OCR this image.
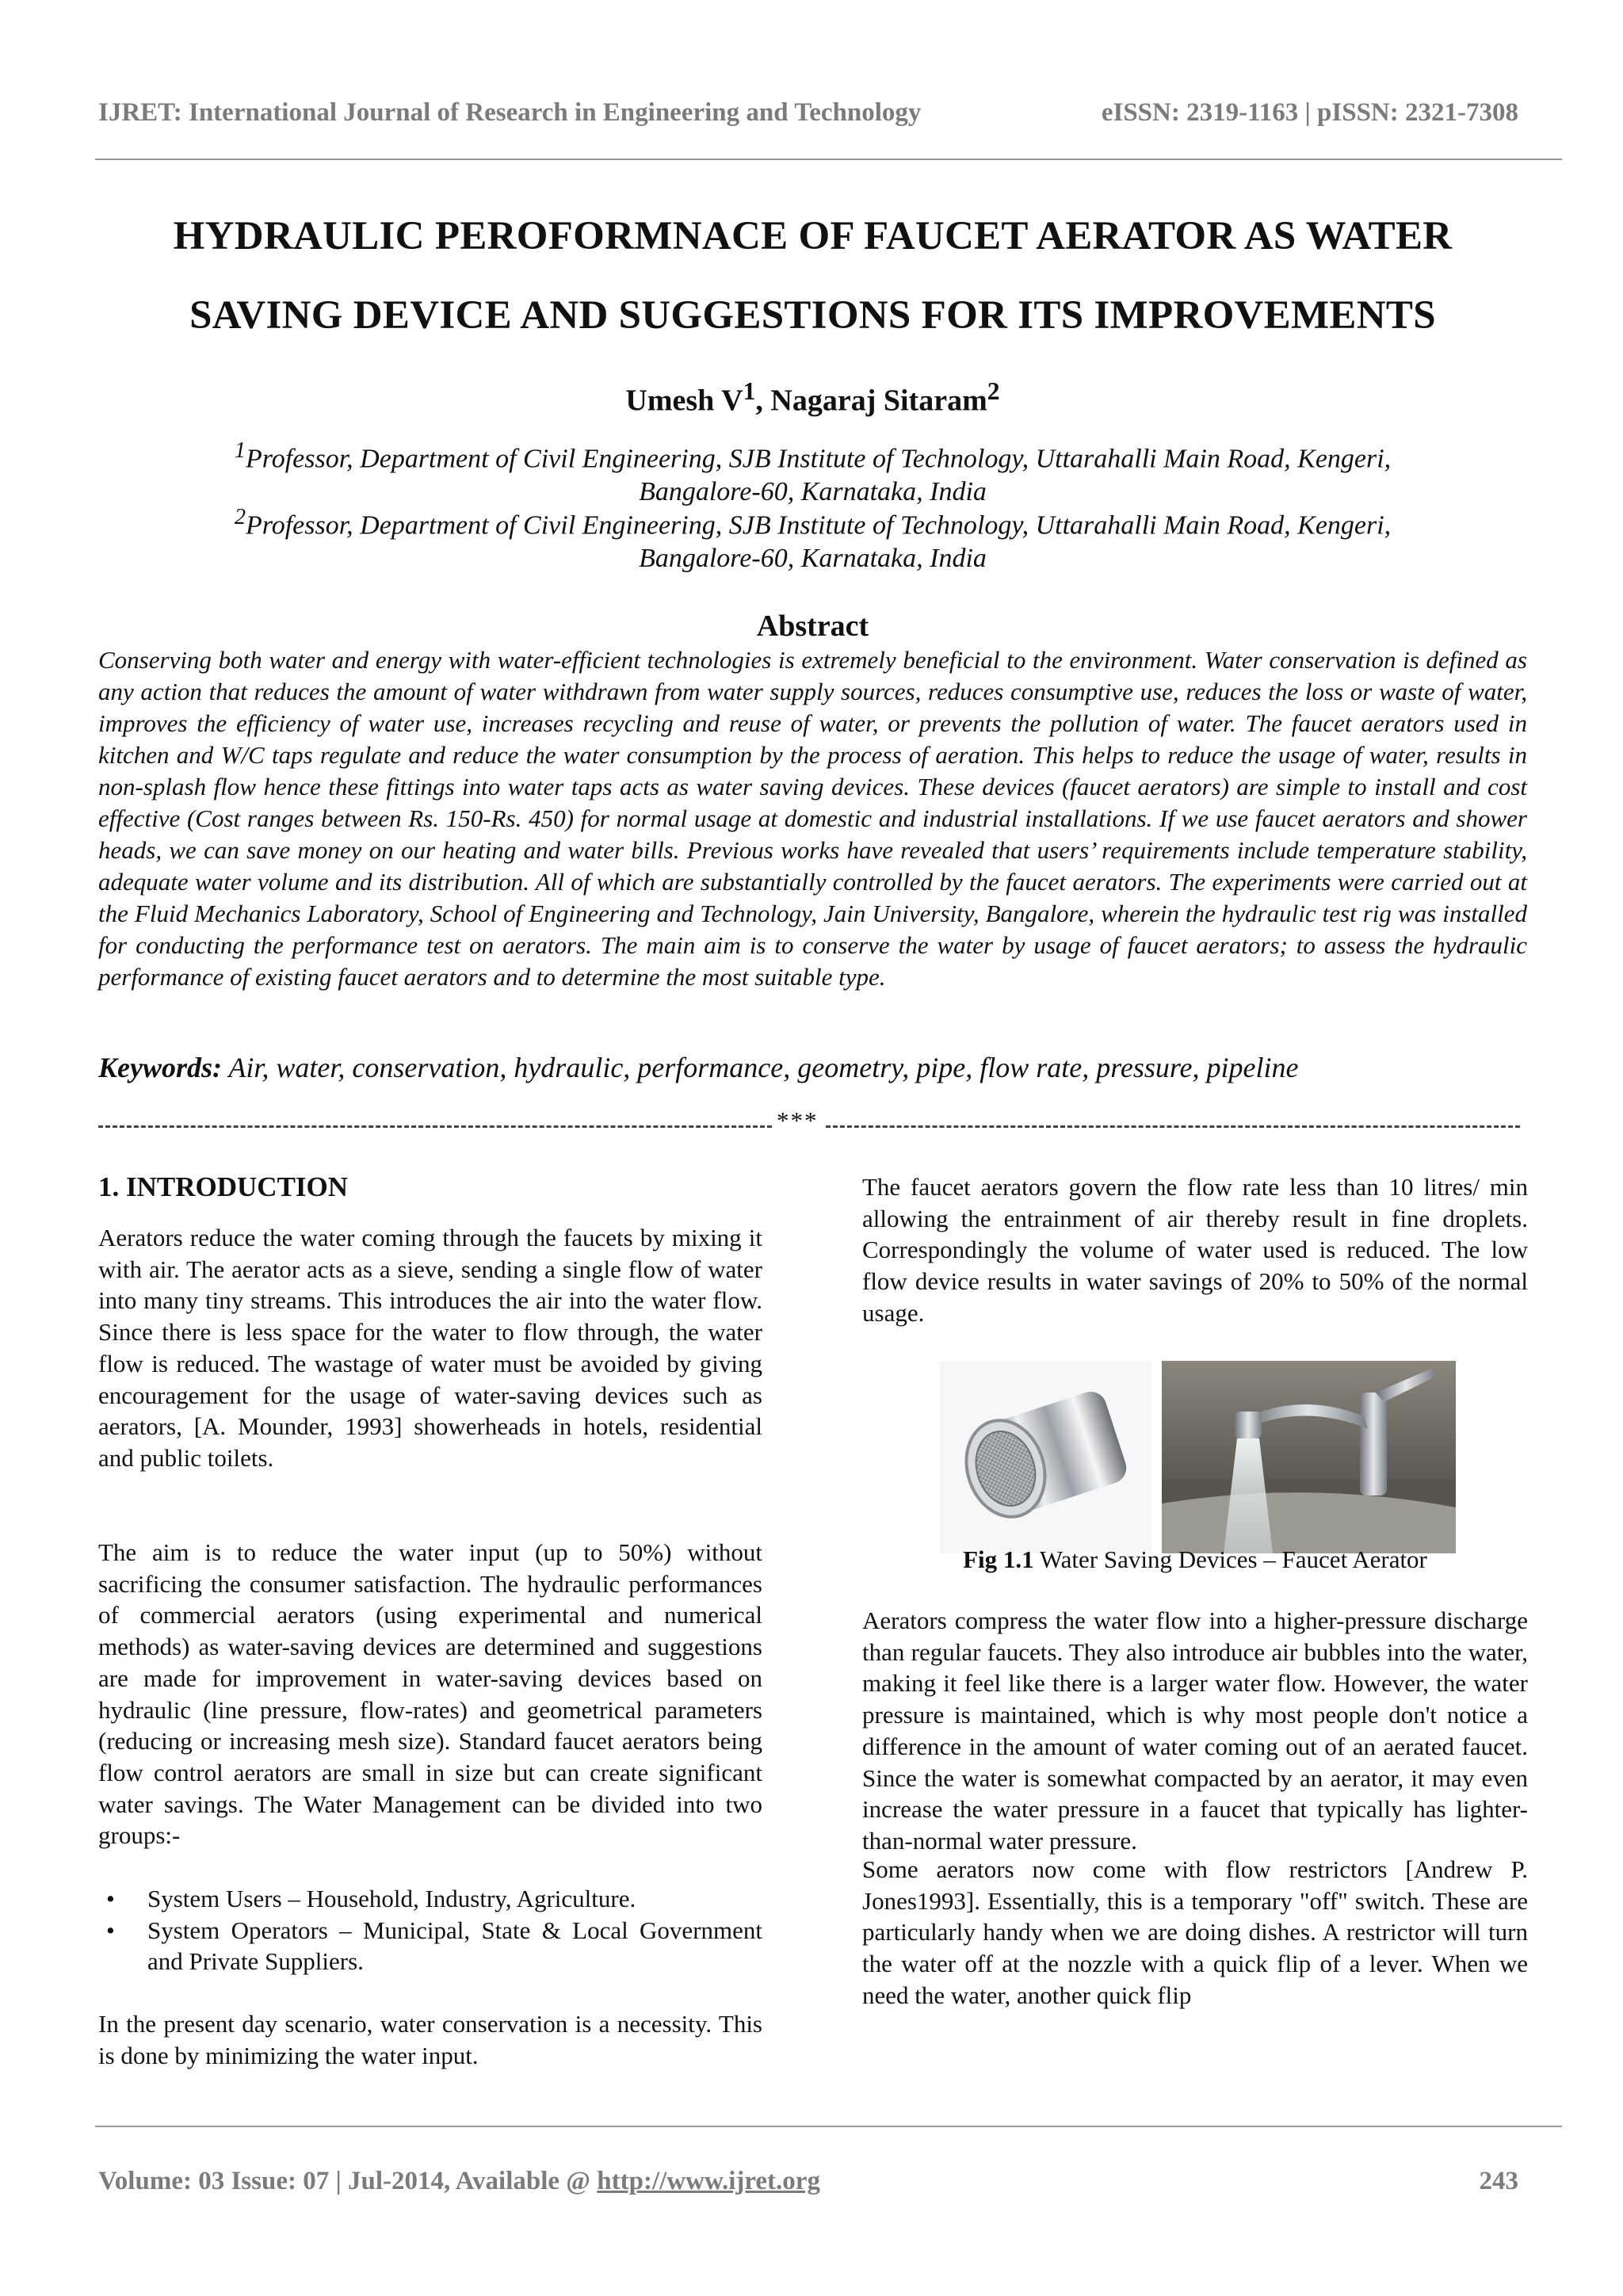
IJRET: International Journal of Research in Engineering and Technology	eISSN: 2319-1163 | pISSN: 2321-7308
HYDRAULIC PEROFORMNACE OF FAUCET AERATOR AS WATER
SAVING DEVICE AND SUGGESTIONS FOR ITS IMPROVEMENTS
Umesh $V^1$, Nagaraj Sitaram$^2$
$^1$Professor, Department of Civil Engineering, SJB Institute of Technology, Uttarahalli Main Road, Kengeri,
Bangalore-60, Karnataka, India
$^2$Professor, Department of Civil Engineering, SJB Institute of Technology, Uttarahalli Main Road, Kengeri,
Bangalore-60, Karnataka, India
Abstract
Conserving both water and energy with water-efficient technologies is extremely beneficial to the environment. Water conservation is defined as any action that reduces the amount of water withdrawn from water supply sources, reduces consumptive use, reduces the loss or waste of water, improves the efficiency of water use, increases recycling and reuse of water, or prevents the pollution of water. The faucet aerators used in kitchen and W/C taps regulate and reduce the water consumption by the process of aeration. This helps to reduce the usage of water, results in non-splash flow hence these fittings into water taps acts as water saving devices. These devices (faucet aerators) are simple to install and cost effective (Cost ranges between Rs. 150-Rs. 450) for normal usage at domestic and industrial installations. If we use faucet aerators and shower heads, we can save money on our heating and water bills. Previous works have revealed that users’ requirements include temperature stability, adequate water volume and its distribution. All of which are substantially controlled by the faucet aerators. The experiments were carried out at the Fluid Mechanics Laboratory, School of Engineering and Technology, Jain University, Bangalore, wherein the hydraulic test rig was installed for conducting the performance test on aerators. The main aim is to conserve the water by usage of faucet aerators; to assess the hydraulic performance of existing faucet aerators and to determine the most suitable type.
Keywords: Air, water, conservation, hydraulic, performance, geometry, pipe, flow rate, pressure, pipeline
***
1. INTRODUCTION
Aerators reduce the water coming through the faucets by mixing it with air. The aerator acts as a sieve, sending a single flow of water into many tiny streams. This introduces the air into the water flow. Since there is less space for the water to flow through, the water flow is reduced. The wastage of water must be avoided by giving encouragement for the usage of water-saving devices such as aerators, [A. Mounder, 1993] showerheads in hotels, residential and public toilets.
The aim is to reduce the water input (up to 50%) without sacrificing the consumer satisfaction. The hydraulic performances of commercial aerators (using experimental and numerical methods) as water-saving devices are determined and suggestions are made for improvement in water-saving devices based on hydraulic (line pressure, flow-rates) and geometrical parameters (reducing or increasing mesh size). Standard faucet aerators being flow control aerators are small in size but can create significant water savings. The Water Management can be divided into two groups:-
• System Users – Household, Industry, Agriculture.
• System Operators – Municipal, State & Local Government and Private Suppliers.
In the present day scenario, water conservation is a necessity. This is done by minimizing the water input.
The faucet aerators govern the flow rate less than 10 litres/ min allowing the entrainment of air thereby result in fine droplets. Correspondingly the volume of water used is reduced. The low flow device results in water savings of 20% to 50% of the normal usage.
Fig 1.1 Water Saving Devices – Faucet Aerator
Aerators compress the water flow into a higher-pressure discharge than regular faucets. They also introduce air bubbles into the water, making it feel like there is a larger water flow. However, the water pressure is maintained, which is why most people don't notice a difference in the amount of water coming out of an aerated faucet. Since the water is somewhat compacted by an aerator, it may even increase the water pressure in a faucet that typically has lighter-than-normal water pressure.
Some aerators now come with flow restrictors [Andrew P. Jones1993]. Essentially, this is a temporary "off" switch. These are particularly handy when we are doing dishes. A restrictor will turn the water off at the nozzle with a quick flip of a lever. When we need the water, another quick flip
Volume: 03 Issue: 07 | Jul-2014, Available @ http://www.ijret.org	243
